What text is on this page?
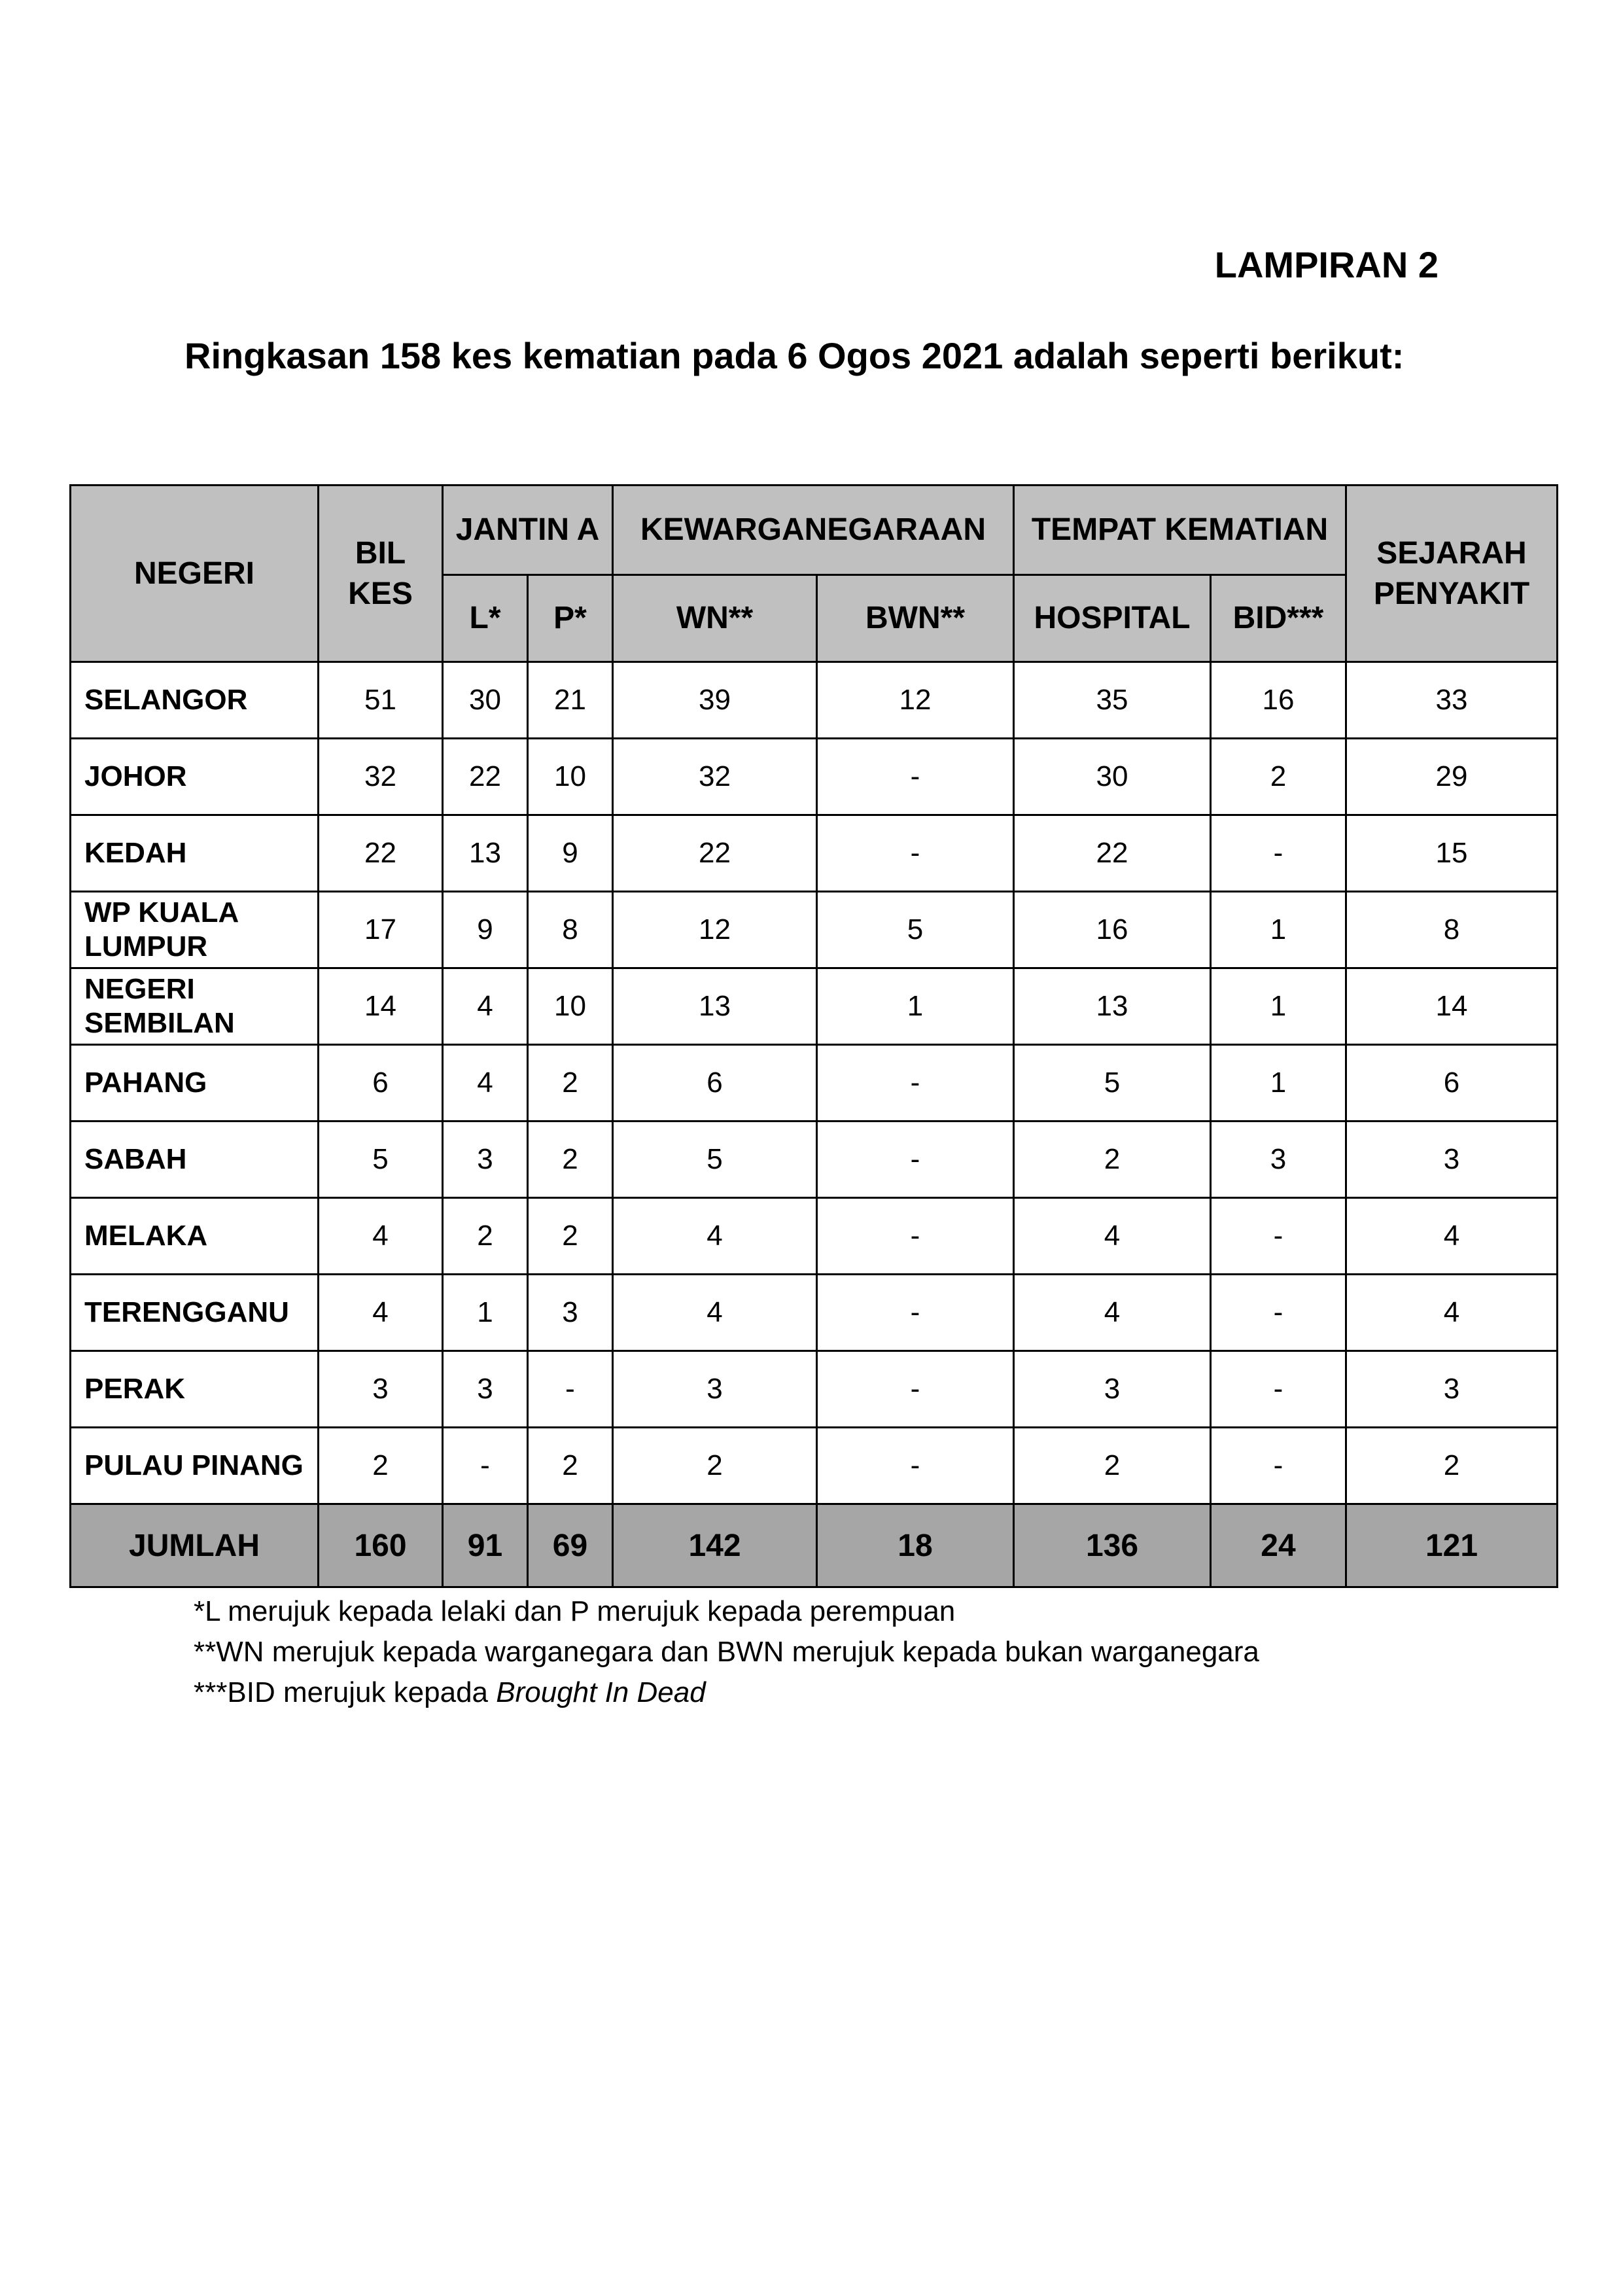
LAMPIRAN 2
Ringkasan 158 kes kematian pada 6 Ogos 2021 adalah seperti berikut:
NEGERI	BIL KES	JANTIN A		KEWARGANEGARAAN		TEMPAT KEMATIAN		SEJARAH PENYAKIT
		L*	P*	WN**	BWN**	HOSPITAL	BID***	
SELANGOR	51	30	21	39	12	35	16	33
JOHOR	32	22	10	32	-	30	2	29
KEDAH	22	13	9	22	-	22	-	15
WP KUALA LUMPUR	17	9	8	12	5	16	1	8
NEGERI SEMBILAN	14	4	10	13	1	13	1	14
PAHANG	6	4	2	6	-	5	1	6
SABAH	5	3	2	5	-	2	3	3
MELAKA	4	2	2	4	-	4	-	4
TERENGGANU	4	1	3	4	-	4	-	4
PERAK	3	3	-	3	-	3	-	3
PULAU PINANG	2	-	2	2	-	2	-	2
JUMLAH	160	91	69	142	18	136	24	121
*L merujuk kepada lelaki dan P merujuk kepada perempuan
**WN merujuk kepada warganegara dan BWN merujuk kepada bukan warganegara
***BID merujuk kepada Brought In Dead
